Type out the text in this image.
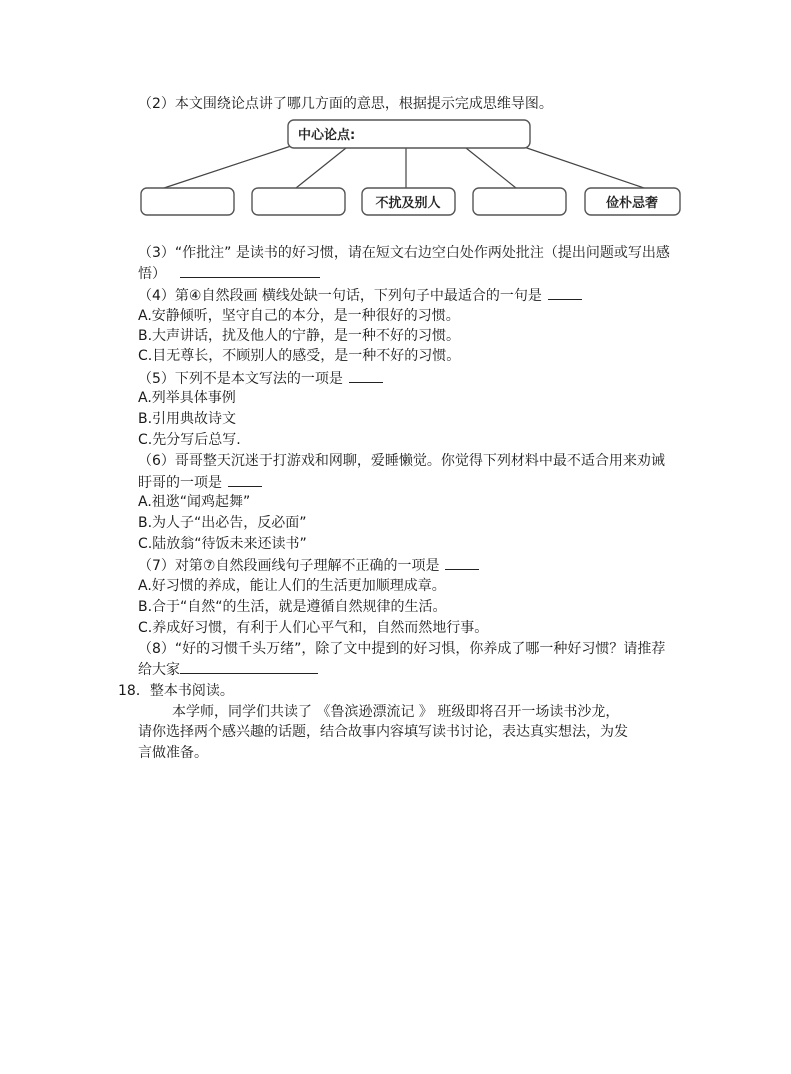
（2）本文围绕论点讲了哪几方面的意思，根据提示完成思维导图。
中心论点:
不扰及别人	俭朴忌奢
（3）“作批注” 是读书的好习惯，请在短文右边空白处作两处批注（提出问题或写出感
悟）
（4）第④自然段画 横线处缺一句话，下列句子中最适合的一句是
A.安静倾听，坚守自己的本分，是一种很好的习惯。
B.大声讲话，扰及他人的宁静，是一种不好的习惯。
C.目无尊长，不顾别人的感受，是一种不好的习惯。
（5）下列不是本文写法的一项是
A.列举具体事例
B.引用典故诗文
C.先分写后总写.
（6）哥哥整天沉迷于打游戏和网聊，爱睡懒觉。你觉得下列材料中最不适合用来劝诫
盱哥的一项是
A.祖逖“闻鸡起舞”
B.为人子“出必告，反必面”
C.陆放翁“待饭未来还读书”
（7）对第⑦自然段画线句子理解不正确的一项是
A.好习惯的养成，能让人们的生活更加顺理成章。
B.合于“自然“的生活，就是遵循自然规律的生活。
C.养成好习惯，有利于人们心平气和，自然而然地行事。
（8）“好的习惯千头万绪”，除了文中提到的好习惧，你养成了哪一种好习惯？请推荐
给大家
18．整本书阅读。
本学师，同学们共读了 《鲁滨逊漂流记 》 班级即将召开一场读书沙龙，
请你选择两个感兴趣的话题，结合故事内容填写读书讨论，表达真实想法，为发
言做准备。
